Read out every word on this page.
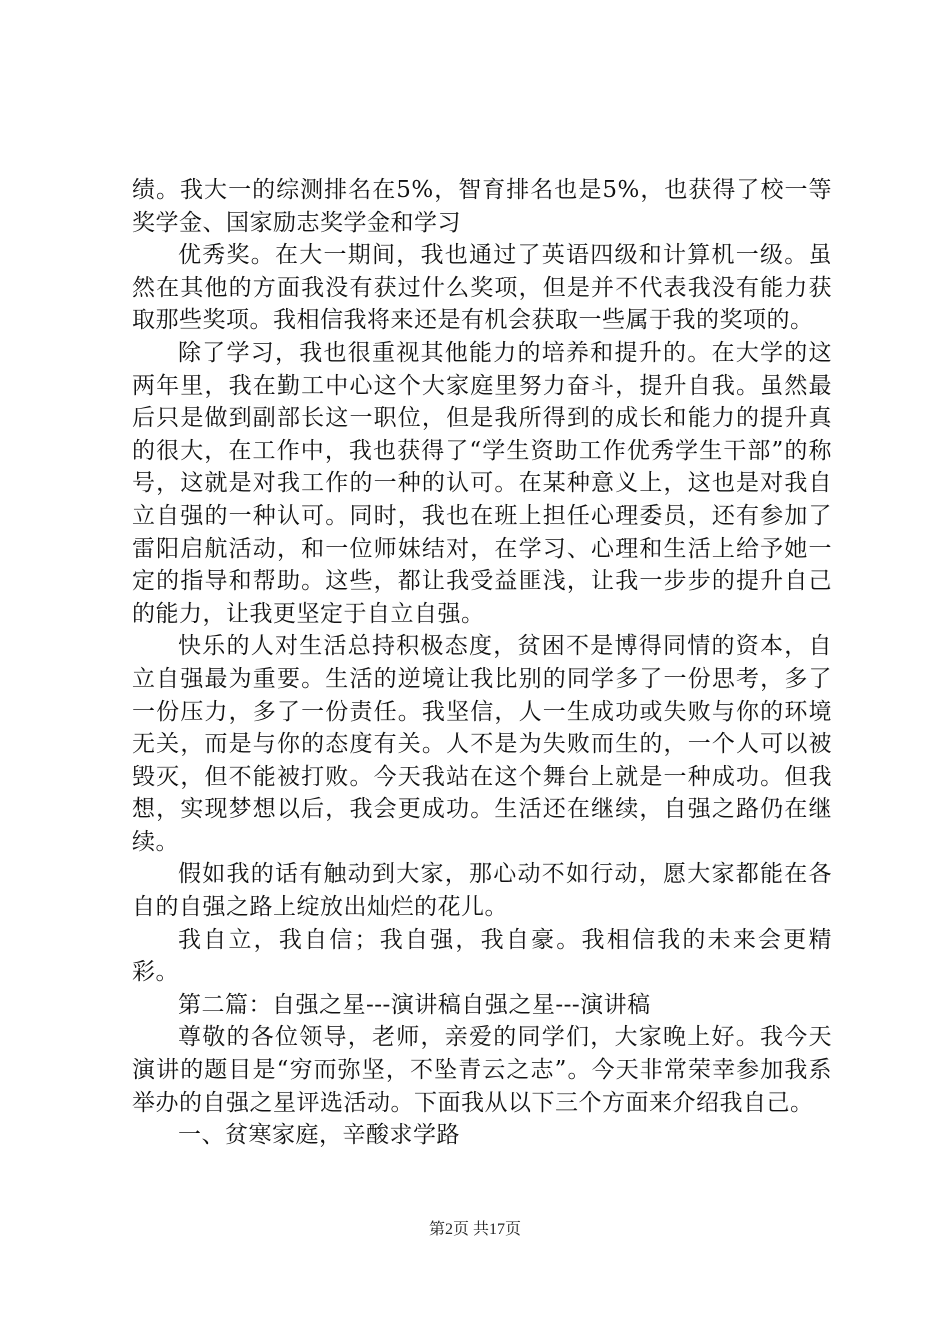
绩。我大一的综测排名在5%，智育排名也是5%，也获得了校一等奖学金、国家励志奖学金和学习

优秀奖。在大一期间，我也通过了英语四级和计算机一级。虽然在其他的方面我没有获过什么奖项，但是并不代表我没有能力获取那些奖项。我相信我将来还是有机会获取一些属于我的奖项的。

除了学习，我也很重视其他能力的培养和提升的。在大学的这两年里，我在勤工中心这个大家庭里努力奋斗，提升自我。虽然最后只是做到副部长这一职位，但是我所得到的成长和能力的提升真的很大，在工作中，我也获得了“学生资助工作优秀学生干部”的称号，这就是对我工作的一种的认可。在某种意义上，这也是对我自立自强的一种认可。同时，我也在班上担任心理委员，还有参加了雷阳启航活动，和一位师妹结对，在学习、心理和生活上给予她一定的指导和帮助。这些，都让我受益匪浅，让我一步步的提升自己的能力，让我更坚定于自立自强。

快乐的人对生活总持积极态度，贫困不是博得同情的资本，自立自强最为重要。生活的逆境让我比别的同学多了一份思考，多了一份压力，多了一份责任。我坚信，人一生成功或失败与你的环境无关，而是与你的态度有关。人不是为失败而生的，一个人可以被毁灭，但不能被打败。今天我站在这个舞台上就是一种成功。但我想，实现梦想以后，我会更成功。生活还在继续，自强之路仍在继续。

假如我的话有触动到大家，那心动不如行动，愿大家都能在各自的自强之路上绽放出灿烂的花儿。

我自立，我自信；我自强，我自豪。我相信我的未来会更精彩。

第二篇：自强之星---演讲稿自强之星---演讲稿

尊敬的各位领导，老师，亲爱的同学们，大家晚上好。我今天演讲的题目是“穷而弥坚，不坠青云之志”。今天非常荣幸参加我系举办的自强之星评选活动。下面我从以下三个方面来介绍我自己。

一、贫寒家庭，辛酸求学路

第2页 共17页
